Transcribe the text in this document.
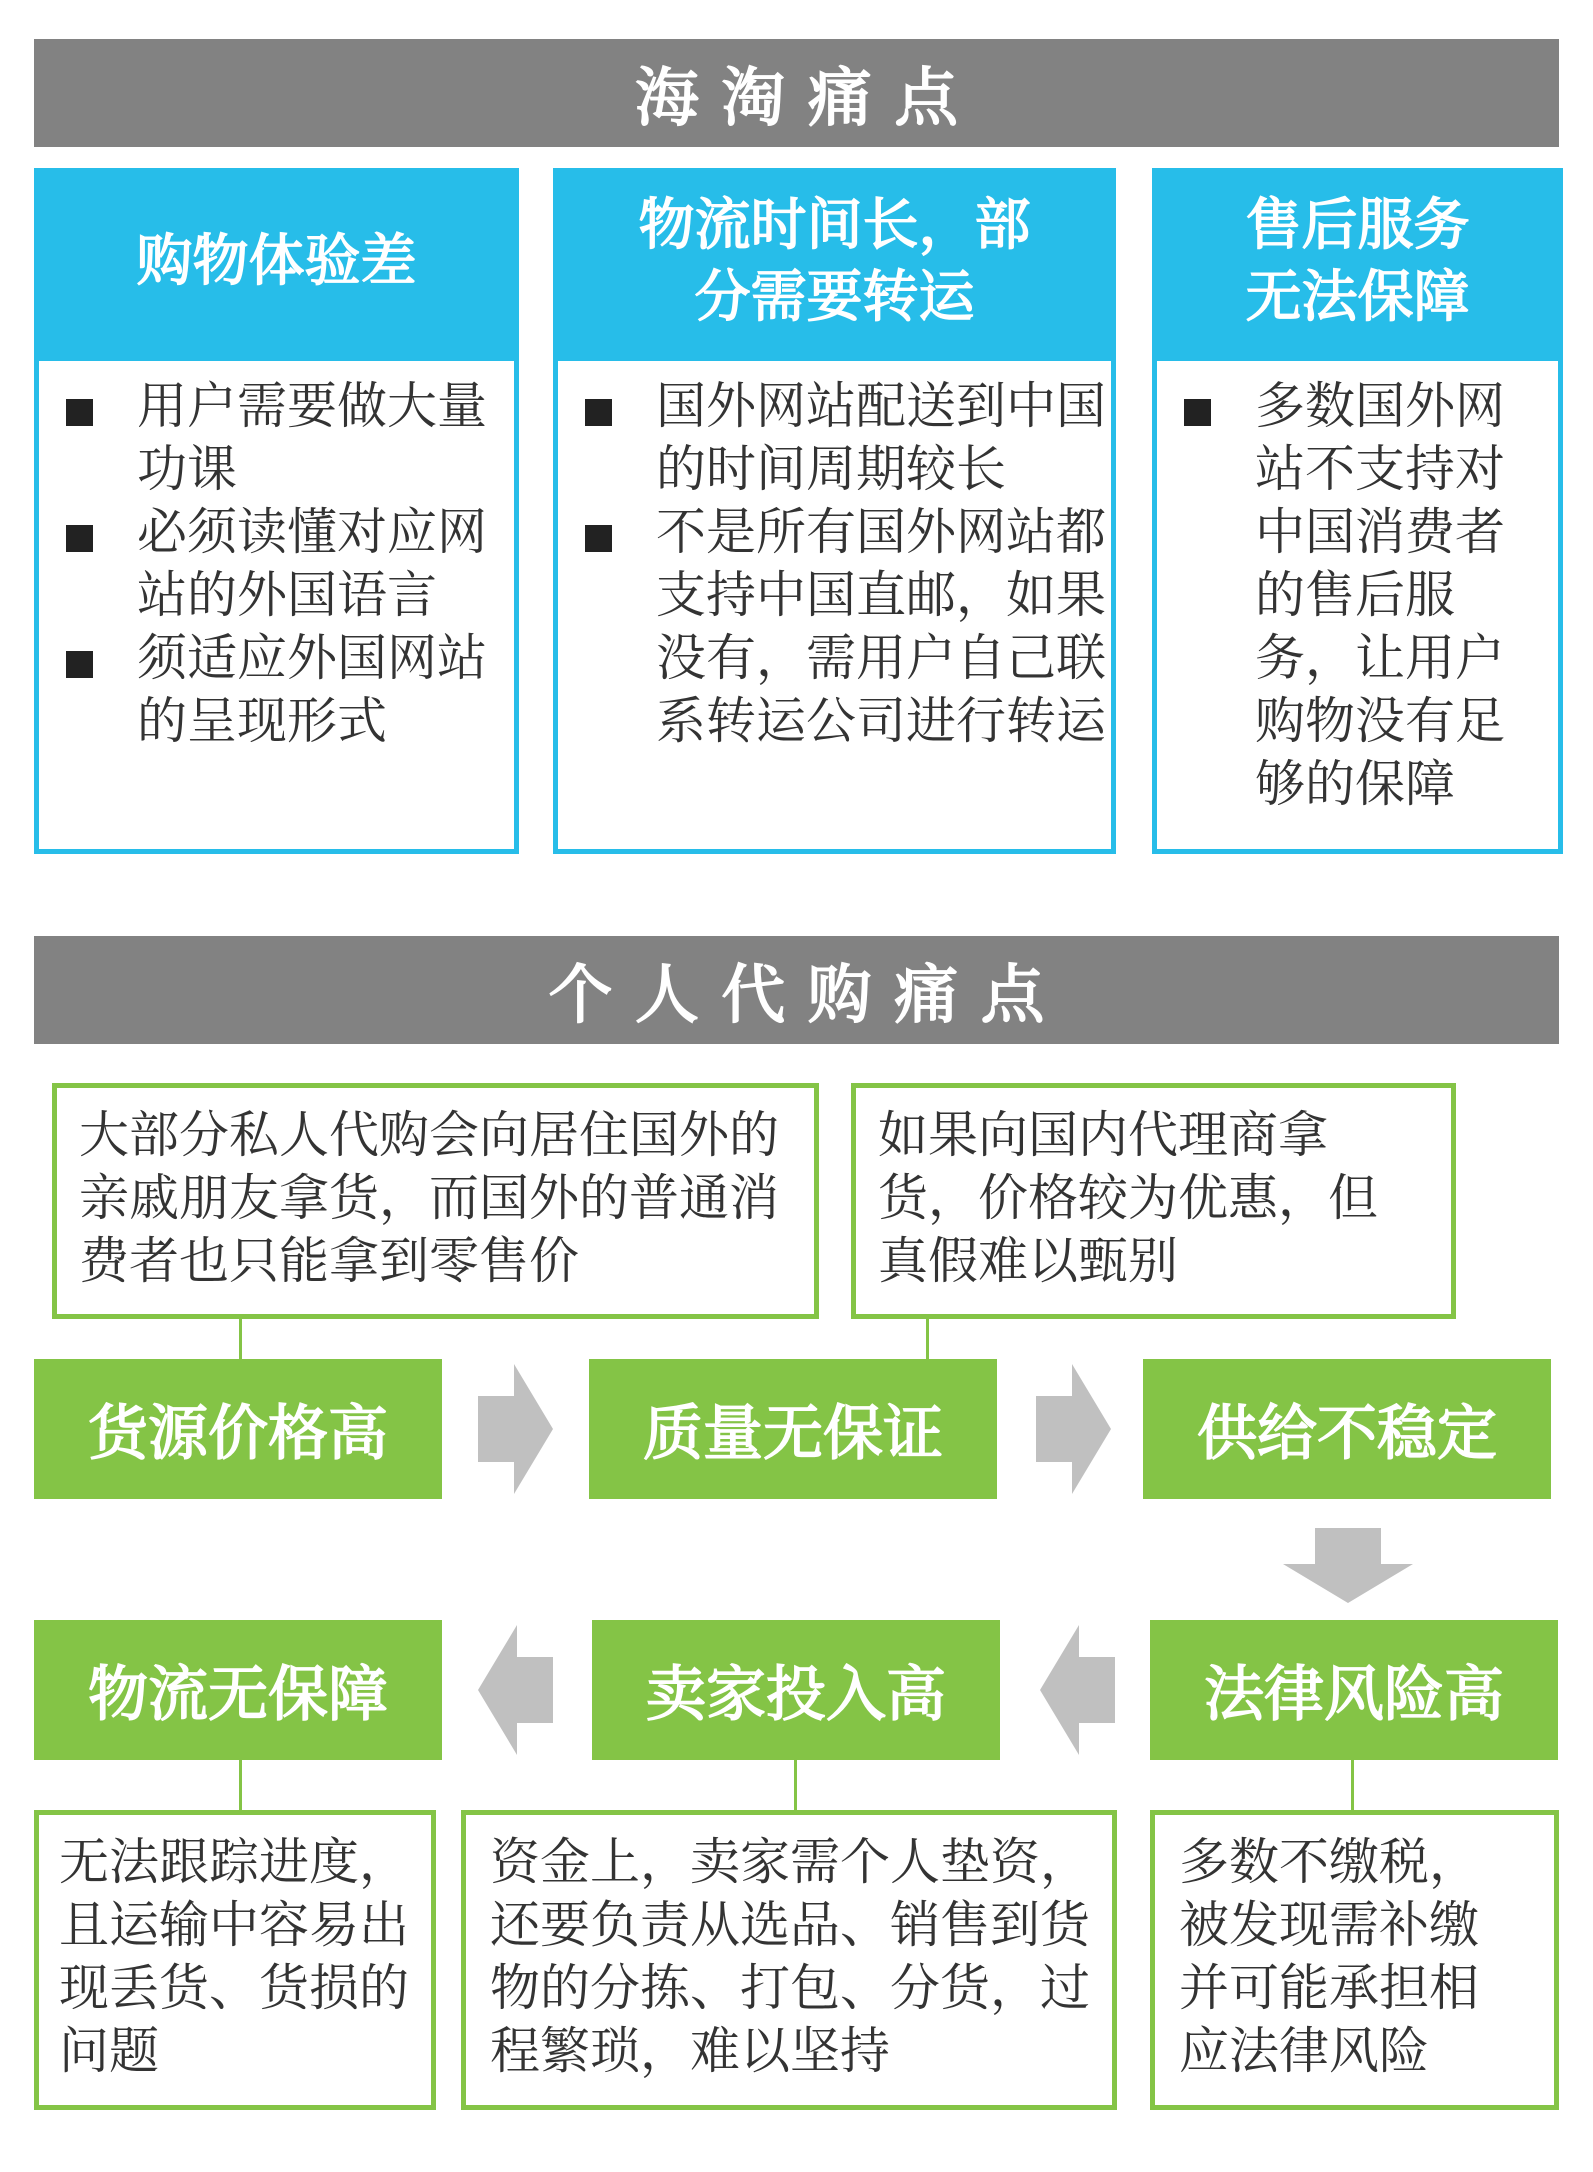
海淘痛点
购物体验差
用户需要做大量功课
必须读懂对应网站的外国语言
须适应外国网站的呈现形式
物流时间长，部分需要转运
国外网站配送到中国的时间周期较长
不是所有国外网站都支持中国直邮，如果没有，需用户自己联系转运公司进行转运
售后服务无法保障
多数国外网站不支持对中国消费者的售后服务，让用户购物没有足够的保障
个人代购痛点
大部分私人代购会向居住国外的亲戚朋友拿货，而国外的普通消费者也只能拿到零售价
如果向国内代理商拿货，价格较为优惠，但真假难以甄别
货源价格高	质量无保证	供给不稳定
物流无保障	卖家投入高	法律风险高
无法跟踪进度，且运输中容易出现丢货、货损的问题
资金上，卖家需个人垫资，还要负责从选品、销售到货物的分拣、打包、分货，过程繁琐，难以坚持
多数不缴税，被发现需补缴并可能承担相应法律风险
